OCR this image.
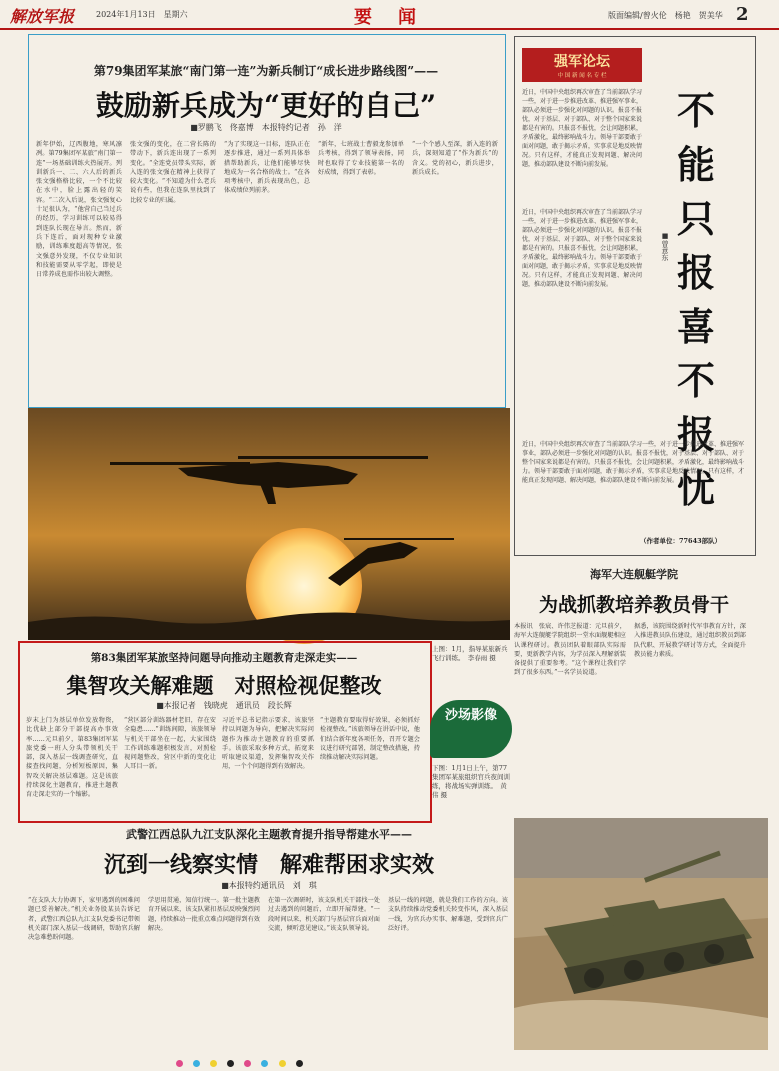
解放军报	2024年1月13日　星期六	要　闻	版面编辑/曾火伦　杨艳　贺美华 2
第79集团军某旅“南门第一连”为新兵制订“成长进步路线图”——
鼓励新兵成为“更好的自己”
■罗鹏飞　佟嘉博　本报特约记者　孙　洋
新年伊始，辽西腹地，寒风凛冽。第79集团军某旅“南门第一连”一场基础训练火热展开。列训新兵一、二、六人后的新兵张文强格格比较，一个不比较在水中，脸上露出轻的笑容。“二次入后说，张文强复心十足很认为，“他营自己当过兵的经历，学习训练可以较易得到连队长现在导言。然而，新兵下连后，面对现种专业激励，训练难度超高等情况，张文强意外发现，不仅专业知识和技能需要从零学起，即使是日常养成也需作出较大调整。
张文强的变化，在二营长陈的带动下，新兵连出现了一系列变化。“全连党员带头实际，新入连的张文强在精神上获得了较大变化。“不知道为什么老兵说有些，但我在连队里找到了比较专业的归属。
“为了实现这一目标，连队正在逐步推进，通过一系列具体举措帮助新兵，让他们能够尽快地成为一名合格的战士。“在各项考核中，新兵表现出色，总体成绩位列前茅。
“新年，七班战士曹毅龙参加单兵考核，得到了领导表扬，同时也取得了专业技能第一名的好成绩，得到了表彰。
“一个个感人至深，新入连的新兵，深刻知道了“作为新兵”的含义。党的初心，新兵进步，新兵成长。
强军论坛
中 国 新 闻 名 专 栏
近日，中国中央组织再次审查了当前部队学习一些，对于进一步推进改革、推进强军事业，部队必须进一步强化对问题的认识。报喜不报忧，对于基层、对于部队、对于整个国家来说都是有害的。只报喜不报忧，会让问题积累，矛盾激化，最终影响战斗力。领导干部要敢于面对问题，敢于揭示矛盾，实事求是地反映情况。只有这样，才能真正发现问题、解决问题，推动部队建设不断向前发展。
不
能
只
报
喜
不
报
忧
■曾意东
近日，中国中央组织再次审查了当前部队学习一些，对于进一步推进改革、推进强军事业，部队必须进一步强化对问题的认识。报喜不报忧，对于基层、对于部队、对于整个国家来说都是有害的。只报喜不报忧，会让问题积累，矛盾激化，最终影响战斗力。领导干部要敢于面对问题，敢于揭示矛盾，实事求是地反映情况。只有这样，才能真正发现问题、解决问题，推动部队建设不断向前发展。
近日，中国中央组织再次审查了当前部队学习一些，对于进一步推进改革、推进强军事业，部队必须进一步强化对问题的认识。报喜不报忧，对于基层、对于部队、对于整个国家来说都是有害的。只报喜不报忧，会让问题积累，矛盾激化，最终影响战斗力。领导干部要敢于面对问题，敢于揭示矛盾，实事求是地反映情况。只有这样，才能真正发现问题、解决问题，推动部队建设不断向前发展。
（作者单位：77643部队）
海军大连舰艇学院
为战抓教培养教员骨干
本报讯　张宸、许伟芝报道：元旦前夕，海军大连舰艇学院组织一堂水面舰艇相应认课程研讨。教员团队着眼部队实际需要，更新教学内容，为学员深入理解新装备提供了重要参考。“这个课程让我们学到了很多东西。”一名学员说道。
据悉，该院围绕新时代军事教育方针，深入推进教员队伍建设，通过组织教员到部队代职、开展教学研讨等方式，全面提升教员能力素质。
第83集团军某旅坚持问题导向推动主题教育走深走实——
集智攻关解难题　对照检视促整改
■本报记者　钱晓虎　通讯员　段长辉
岁末上门为基层单位发放物资，比优缺上部分干部提高办事效率……元旦前夕，第83集团军某旅党委一班人分头带领机关干部，深入基层一线调查研究，直接查找问题，分析短板原因，集智攻关解决基层难题。这是该旅持续深化主题教育，推进主题教育走深走实的一个缩影。
“营区部分训练器材老旧，存在安全隐患……”训练间隙，该旅领导与机关干部坐在一起，大家围绕工作训练难题积极发言，对照检视问题整改，营区中新的变化让人耳目一新。
习近平总书记指示要求，该旅坚持以问题为导向，把解决实际问题作为推动主题教育的重要抓手。该旅采取多种方式，拓宽来听取建议渠道，发挥集智攻关作用，一个个问题得到有效解决。
“主题教育要取得好效果，必须抓好检视整改。”该旅领导在讲话中说，他们结合新年度各项任务，召开专题会议进行研究部署，制定整改措施，持续推动解决实际问题。
上图：1月，指导某旅新兵飞行训练。　李春雨 摄
沙场影像
下图：1月1日上午，第77集团军某旅组织官兵夜间训练，将战场实弹训练。　黄　伟 摄
武警江西总队九江支队深化主题教育提升指导帮建水平——
沉到一线察实情　解难帮困求实效
■本报特约通讯员　刘　琪
“在支队大力协调下，家里遇到的困难问题已妥善解决。”机关业务股某员告诉记者，武警江西总队九江支队党委书记带领机关部门深入基层一线调研，帮助官兵解决急难愁盼问题。
学思用贯通，知信行统一。第一批主题教育开展以来，该支队紧扣基层反映强烈问题，持续推动一批重点难点问题得到有效解决。
在第一次调研时，该支队机关干部找一处过去遇到的问题后，立即开展帮建。“一段时间以来，机关部门与基层官兵面对面交流，倾听意见建议。”该支队领导说。
基层一线的问题，就是我们工作的方向。该支队持续推动党委机关转变作风，深入基层一线，为官兵办实事、解难题，受到官兵广泛好评。
